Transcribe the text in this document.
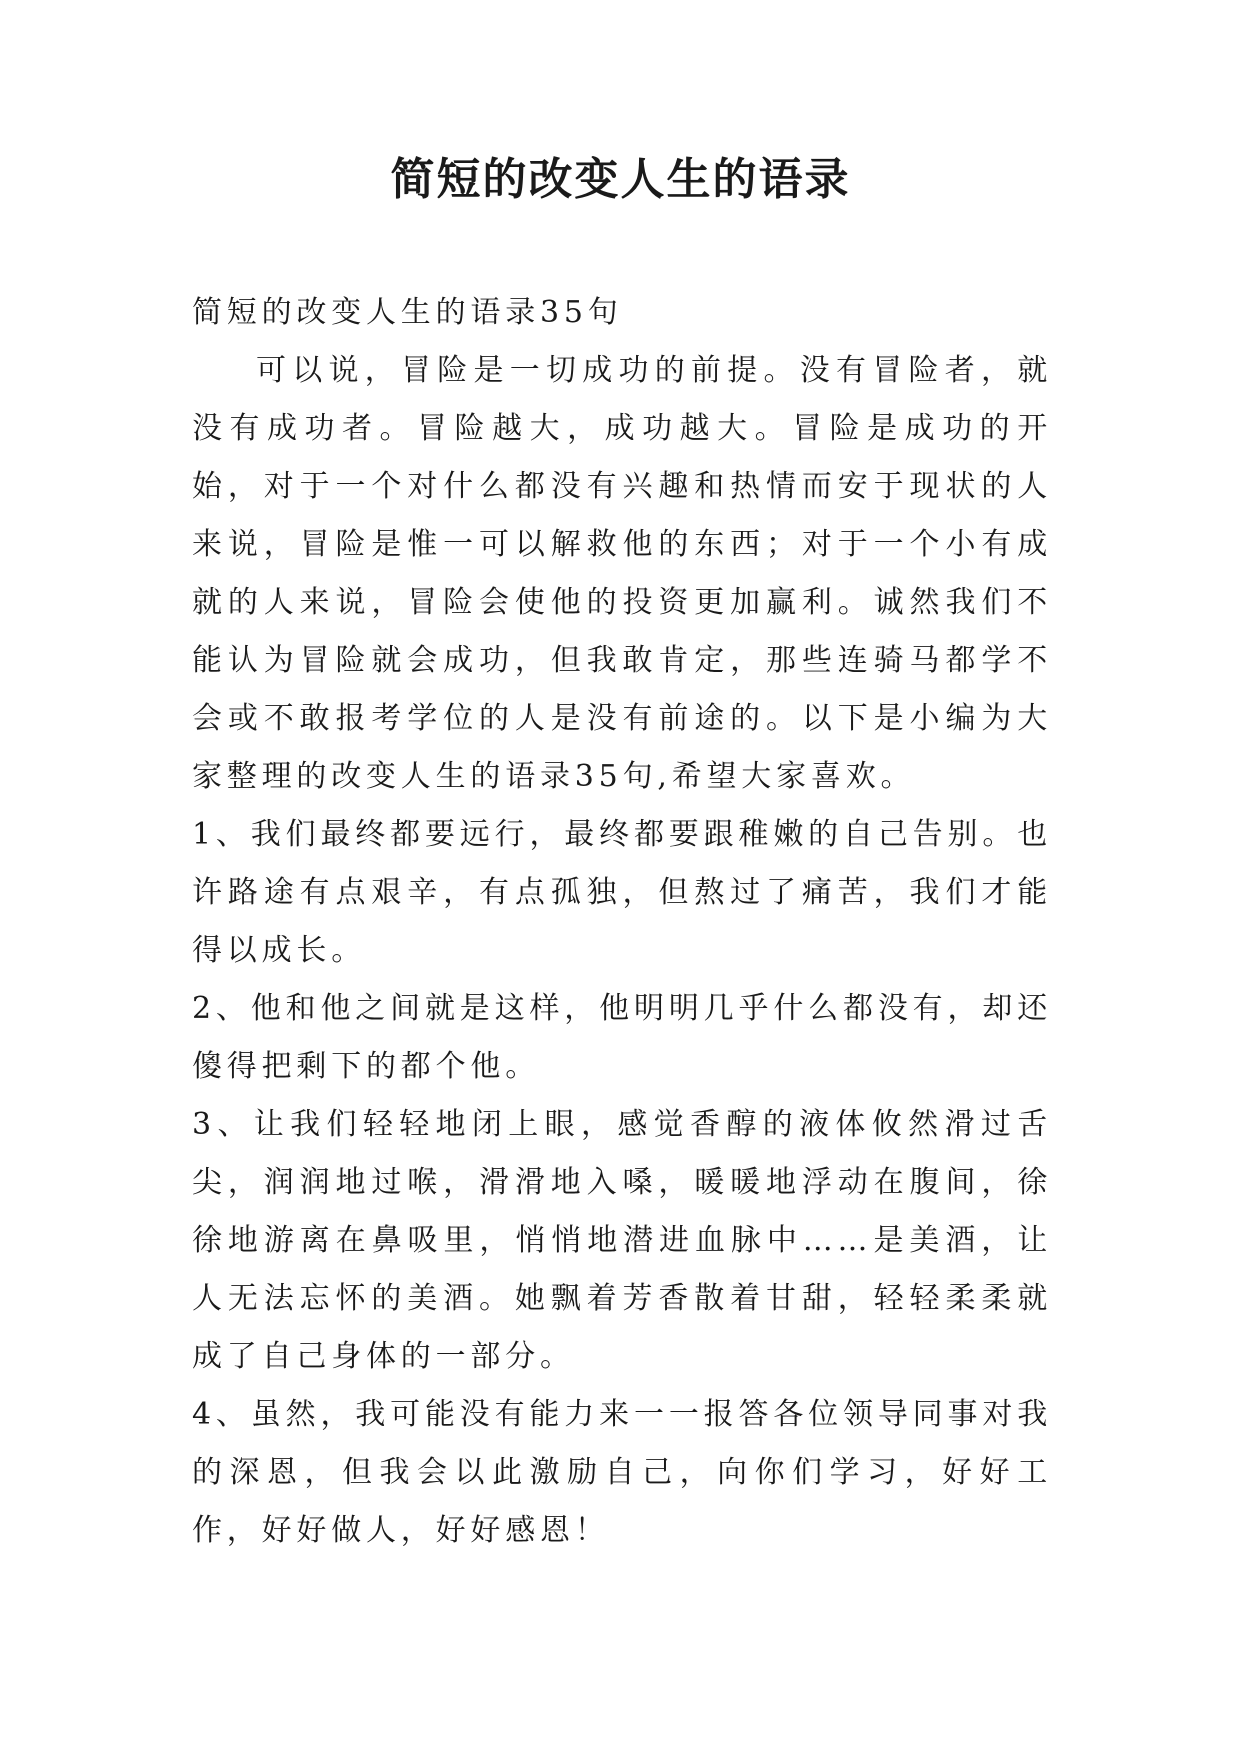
简短的改变人生的语录

简短的改变人生的语录35句

可以说，冒险是一切成功的前提。没有冒险者，就没有成功者。冒险越大，成功越大。冒险是成功的开始，对于一个对什么都没有兴趣和热情而安于现状的人来说，冒险是惟一可以解救他的东西；对于一个小有成就的人来说，冒险会使他的投资更加赢利。诚然我们不能认为冒险就会成功，但我敢肯定，那些连骑马都学不会或不敢报考学位的人是没有前途的。以下是小编为大家整理的改变人生的语录35句,希望大家喜欢。

1、我们最终都要远行，最终都要跟稚嫩的自己告别。也许路途有点艰辛，有点孤独，但熬过了痛苦，我们才能得以成长。

2、他和他之间就是这样，他明明几乎什么都没有，却还傻得把剩下的都个他。

3、让我们轻轻地闭上眼，感觉香醇的液体攸然滑过舌尖，润润地过喉，滑滑地入嗓，暖暖地浮动在腹间，徐徐地游离在鼻吸里，悄悄地潜进血脉中……是美酒，让人无法忘怀的美酒。她飘着芳香散着甘甜，轻轻柔柔就成了自己身体的一部分。

4、虽然，我可能没有能力来一一报答各位领导同事对我的深恩，但我会以此激励自己，向你们学习，好好工作，好好做人，好好感恩！
